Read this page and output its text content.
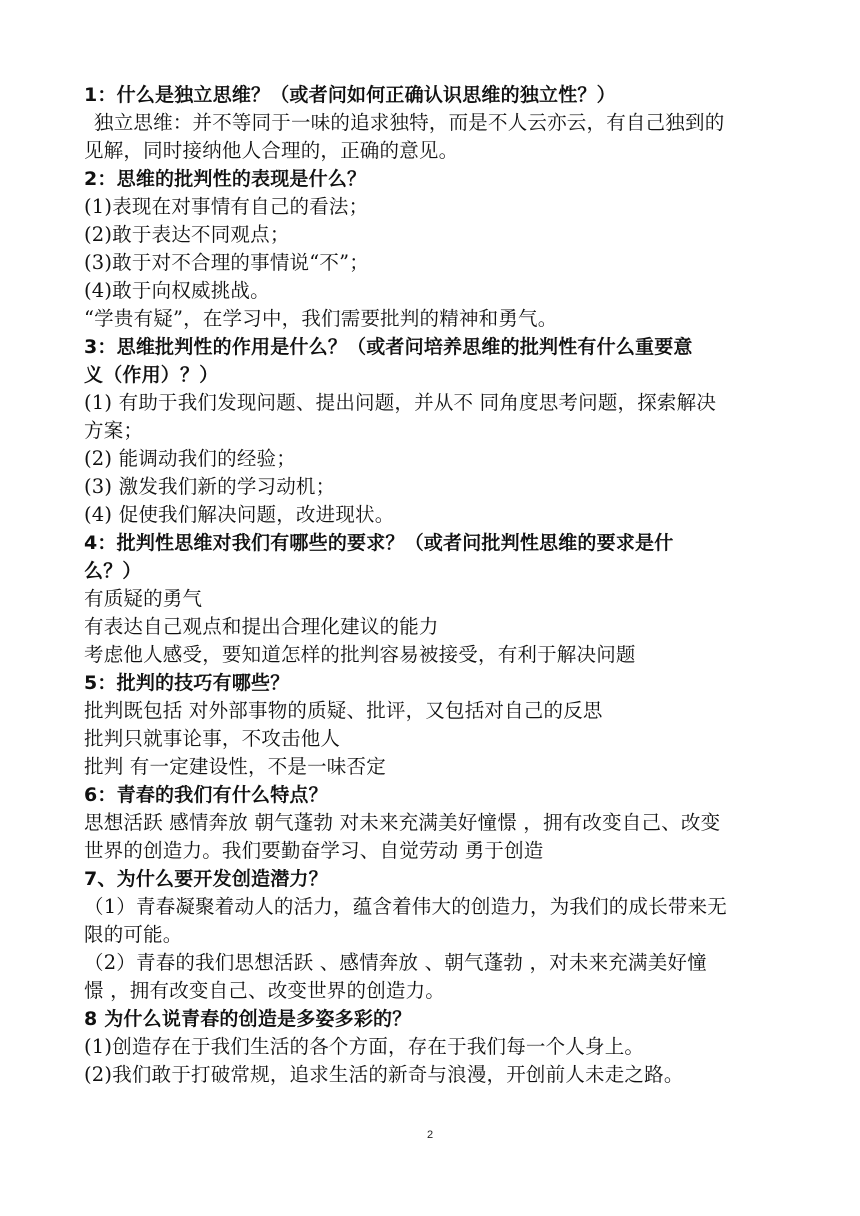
1：什么是独立思维？（或者问如何正确认识思维的独立性？）
独立思维：并不等同于一味的追求独特，而是不人云亦云，有自己独到的
见解，同时接纳他人合理的，正确的意见。
2：思维的批判性的表现是什么？
(1)表现在对事情有自己的看法；
(2)敢于表达不同观点；
(3)敢于对不合理的事情说“不”；
(4)敢于向权威挑战。
“学贵有疑”，在学习中，我们需要批判的精神和勇气。
3：思维批判性的作用是什么？（或者问培养思维的批判性有什么重要意
义（作用）？）
(1) 有助于我们发现问题、提出问题，并从不 同角度思考问题，探索解决
方案；
(2) 能调动我们的经验；
(3) 激发我们新的学习动机；
(4) 促使我们解决问题，改进现状。
4：批判性思维对我们有哪些的要求？（或者问批判性思维的要求是什
么？）
有质疑的勇气
有表达自己观点和提出合理化建议的能力
考虑他人感受，要知道怎样的批判容易被接受，有利于解决问题
5：批判的技巧有哪些？
批判既包括 对外部事物的质疑、批评，又包括对自己的反思
批判只就事论事，不攻击他人
批判 有一定建设性，不是一味否定
6：青春的我们有什么特点？
思想活跃 感情奔放 朝气蓬勃 对未来充满美好憧憬 ，拥有改变自己、改变
世界的创造力。我们要勤奋学习、自觉劳动 勇于创造
7、为什么要开发创造潜力？
（1）青春凝聚着动人的活力，蕴含着伟大的创造力，为我们的成长带来无
限的可能。
（2）青春的我们思想活跃 、感情奔放 、朝气蓬勃 ，对未来充满美好憧
憬 ，拥有改变自己、改变世界的创造力。
8 为什么说青春的创造是多姿多彩的？
(1)创造存在于我们生活的各个方面，存在于我们每一个人身上。
(2)我们敢于打破常规，追求生活的新奇与浪漫，开创前人未走之路。
2
